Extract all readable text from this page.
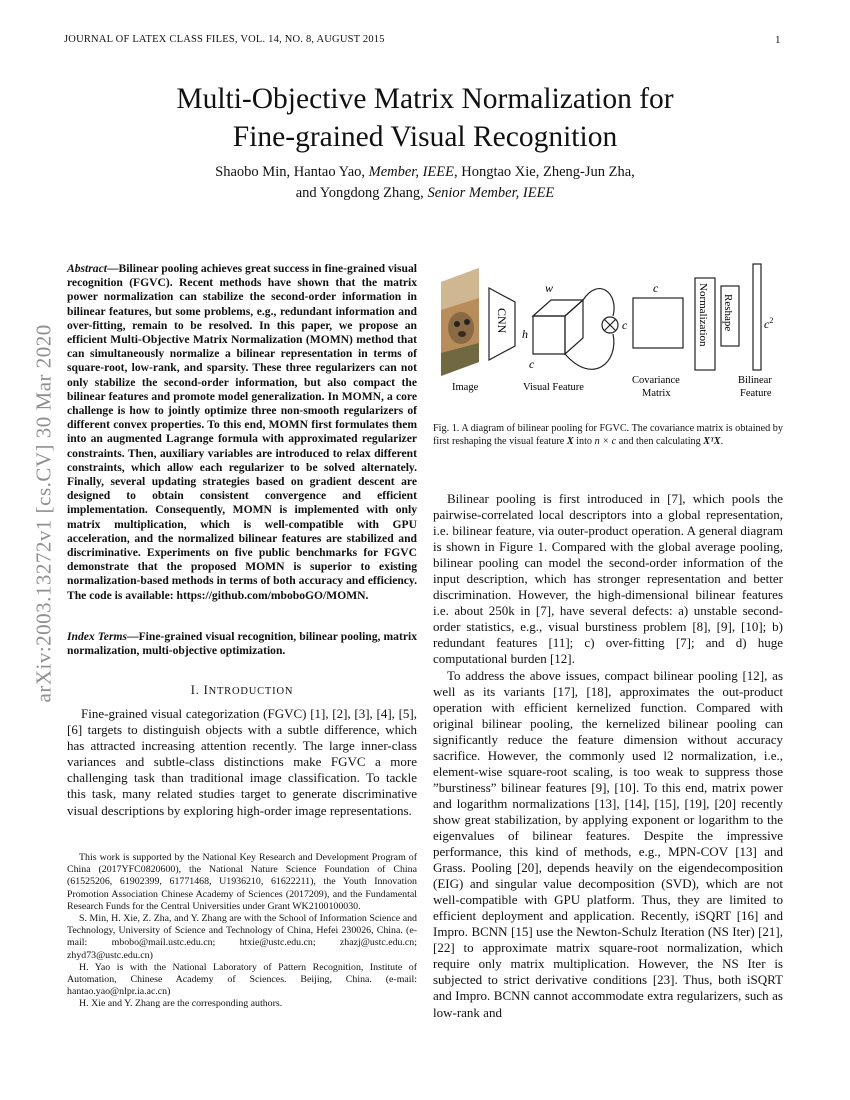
JOURNAL OF LATEX CLASS FILES, VOL. 14, NO. 8, AUGUST 2015	1
arXiv:2003.13272v1 [cs.CV] 30 Mar 2020
Multi-Objective Matrix Normalization for
Fine-grained Visual Recognition
Shaobo Min, Hantao Yao, Member, IEEE, Hongtao Xie, Zheng-Jun Zha,
and Yongdong Zhang, Senior Member, IEEE

Abstract—Bilinear pooling achieves great success in fine-grained visual recognition (FGVC). Recent methods have shown that the matrix power normalization can stabilize the second-order information in bilinear features, but some problems, e.g., redundant information and over-fitting, remain to be resolved. In this paper, we propose an efficient Multi-Objective Matrix Normalization (MOMN) method that can simultaneously normalize a bilinear representation in terms of square-root, low-rank, and sparsity. These three regularizers can not only stabilize the second-order information, but also compact the bilinear features and promote model generalization. In MOMN, a core challenge is how to jointly optimize three non-smooth regularizers of different convex properties. To this end, MOMN first formulates them into an augmented Lagrange formula with approximated regularizer constraints. Then, auxiliary variables are introduced to relax different constraints, which allow each regularizer to be solved alternately. Finally, several updating strategies based on gradient descent are designed to obtain consistent convergence and efficient implementation. Consequently, MOMN is implemented with only matrix multiplication, which is well-compatible with GPU acceleration, and the normalized bilinear features are stabilized and discriminative. Experiments on five public benchmarks for FGVC demonstrate that the proposed MOMN is superior to existing normalization-based methods in terms of both accuracy and efficiency. The code is available: https://github.com/mboboGO/MOMN.

Index Terms—Fine-grained visual recognition, bilinear pooling, matrix normalization, multi-objective optimization.

I. INTRODUCTION

Fine-grained visual categorization (FGVC) [1], [2], [3], [4], [5], [6] targets to distinguish objects with a subtle difference, which has attracted increasing attention recently. The large inner-class variances and subtle-class distinctions make FGVC a more challenging task than traditional image classification. To tackle this task, many related studies target to generate discriminative visual descriptions by exploring high-order image representations.

This work is supported by the National Key Research and Development Program of China (2017YFC0820600), the National Nature Science Foundation of China (61525206, 61902399, 61771468, U1936210, 61622211), the Youth Innovation Promotion Association Chinese Academy of Sciences (2017209), and the Fundamental Research Funds for the Central Universities under Grant WK2100100030.

S. Min, H. Xie, Z. Zha, and Y. Zhang are with the School of Information Science and Technology, University of Science and Technology of China, Hefei 230026, China. (e-mail: mbobo@mail.ustc.edu.cn; htxie@ustc.edu.cn; zhazj@ustc.edu.cn; zhyd73@ustc.edu.cn)

H. Yao is with the National Laboratory of Pattern Recognition, Institute of Automation, Chinese Academy of Sciences. Beijing, China. (e-mail: hantao.yao@nlpr.ia.ac.cn)

H. Xie and Y. Zhang are the corresponding authors.

Image
CNN
w
h
c
Visual Feature
c
c
Covariance
Matrix
Normalization Reshape	$c^2$
Bilinear
Feature

Fig. 1. A diagram of bilinear pooling for FGVC. The covariance matrix is obtained by first reshaping the visual feature X into n × c and then calculating XᵀX.

Bilinear pooling is first introduced in [7], which pools the pairwise-correlated local descriptors into a global representation, i.e. bilinear feature, via outer-product operation. A general diagram is shown in Figure 1. Compared with the global average pooling, bilinear pooling can model the second-order information of the input description, which has stronger representation and better discrimination. However, the high-dimensional bilinear features i.e. about 250k in [7], have several defects: a) unstable second-order statistics, e.g., visual burstiness problem [8], [9], [10]; b) redundant features [11]; c) over-fitting [7]; and d) huge computational burden [12].

To address the above issues, compact bilinear pooling [12], as well as its variants [17], [18], approximates the out-product operation with efficient kernelized function. Compared with original bilinear pooling, the kernelized bilinear pooling can significantly reduce the feature dimension without accuracy sacrifice. However, the commonly used l2 normalization, i.e., element-wise square-root scaling, is too weak to suppress those ”burstiness” bilinear features [9], [10]. To this end, matrix power and logarithm normalizations [13], [14], [15], [19], [20] recently show great stabilization, by applying exponent or logarithm to the eigenvalues of bilinear features. Despite the impressive performance, this kind of methods, e.g., MPN-COV [13] and Grass. Pooling [20], depends heavily on the eigendecomposition (EIG) and singular value decomposition (SVD), which are not well-compatible with GPU platform. Thus, they are limited to efficient deployment and application. Recently, iSQRT [16] and Impro. BCNN [15] use the Newton-Schulz Iteration (NS Iter) [21], [22] to approximate matrix square-root normalization, which require only matrix multiplication. However, the NS Iter is subjected to strict derivative conditions [23]. Thus, both iSQRT and Impro. BCNN cannot accommodate extra regularizers, such as low-rank and
